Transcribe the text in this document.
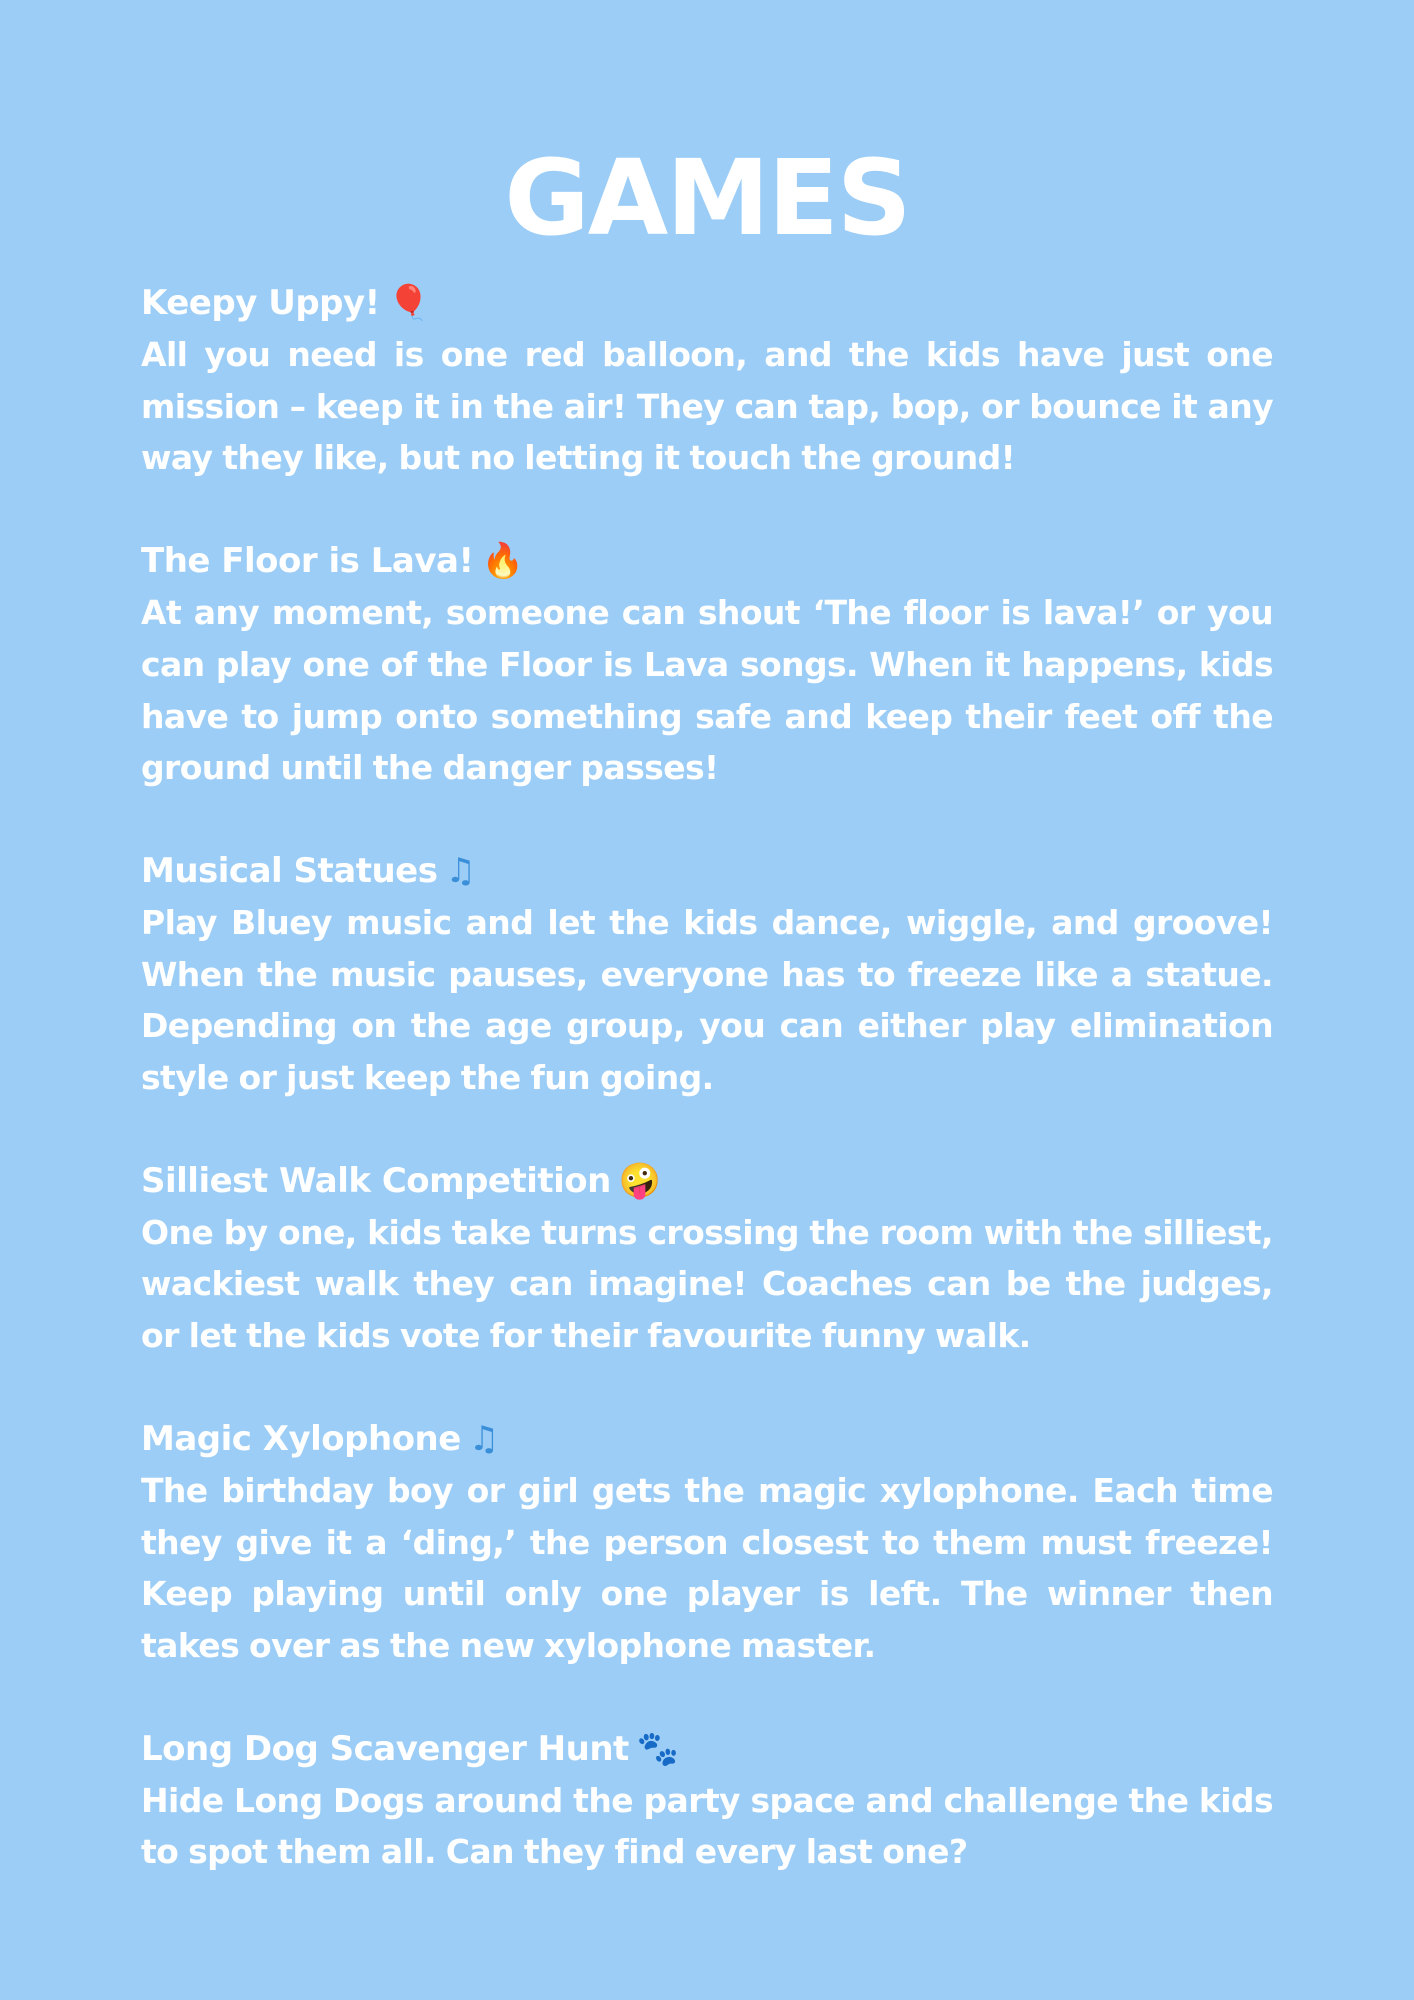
GAMES
Keepy Uppy! 🎈
All you need is one red balloon, and the kids have just one mission – keep it in the air! They can tap, bop, or bounce it any way they like, but no letting it touch the ground!
The Floor is Lava! 🔥
At any moment, someone can shout ‘The floor is lava!’ or you can play one of the Floor is Lava songs. When it happens, kids have to jump onto something safe and keep their feet off the ground until the danger passes!
Musical Statues ♫
Play Bluey music and let the kids dance, wiggle, and groove! When the music pauses, everyone has to freeze like a statue. Depending on the age group, you can either play elimination style or just keep the fun going.
Silliest Walk Competition 🤪
One by one, kids take turns crossing the room with the silliest, wackiest walk they can imagine! Coaches can be the judges, or let the kids vote for their favourite funny walk.
Magic Xylophone ♫
The birthday boy or girl gets the magic xylophone. Each time they give it a ‘ding,’ the person closest to them must freeze! Keep playing until only one player is left. The winner then takes over as the new xylophone master.
Long Dog Scavenger Hunt 🐾
Hide Long Dogs around the party space and challenge the kids to spot them all. Can they find every last one?
